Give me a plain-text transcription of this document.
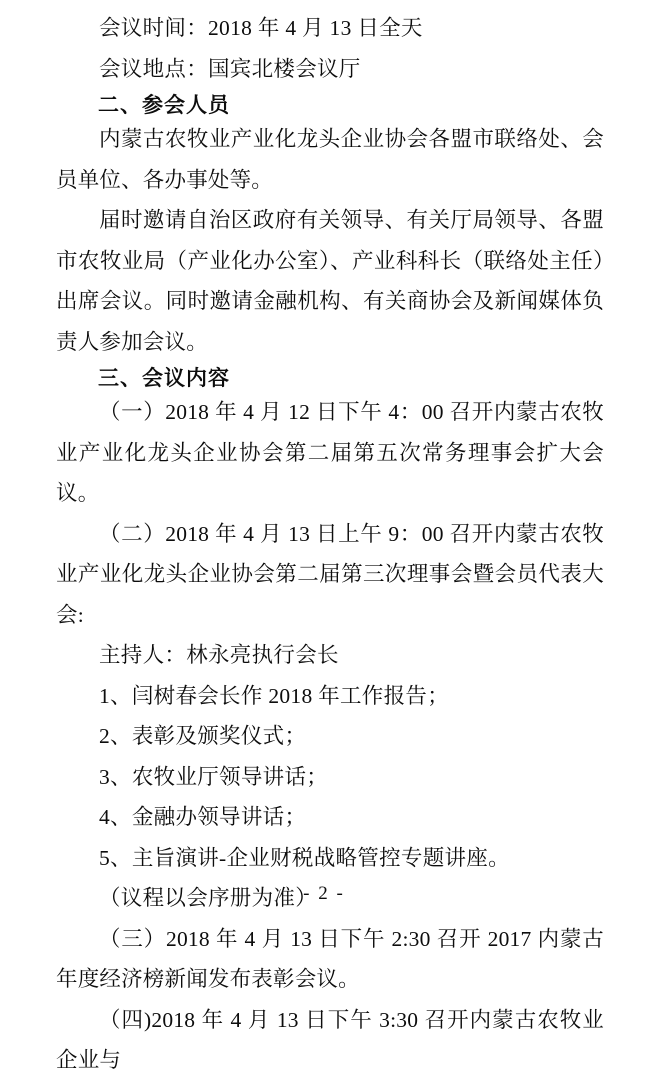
会议时间：2018 年 4 月 13 日全天
会议地点：国宾北楼会议厅
二、参会人员

内蒙古农牧业产业化龙头企业协会各盟市联络处、会员单位、各办事处等。

届时邀请自治区政府有关领导、有关厅局领导、各盟市农牧业局（产业化办公室）、产业科科长（联络处主任）出席会议。同时邀请金融机构、有关商协会及新闻媒体负责人参加会议。

三、会议内容

（一）2018 年 4 月 12 日下午 4：00 召开内蒙古农牧业产业化龙头企业协会第二届第五次常务理事会扩大会议。

（二）2018 年 4 月 13 日上午 9：00 召开内蒙古农牧业产业化龙头企业协会第二届第三次理事会暨会员代表大会:

主持人：林永亮执行会长
1、闫树春会长作 2018 年工作报告；
2、表彰及颁奖仪式；
3、农牧业厅领导讲话；
4、金融办领导讲话；
5、主旨演讲-企业财税战略管控专题讲座。
（议程以会序册为准）

（三）2018 年 4 月 13 日下午 2:30 召开 2017 内蒙古年度经济榜新闻发布表彰会议。

（四)2018 年 4 月 13 日下午 3:30 召开内蒙古农牧业企业与

- 2 -
